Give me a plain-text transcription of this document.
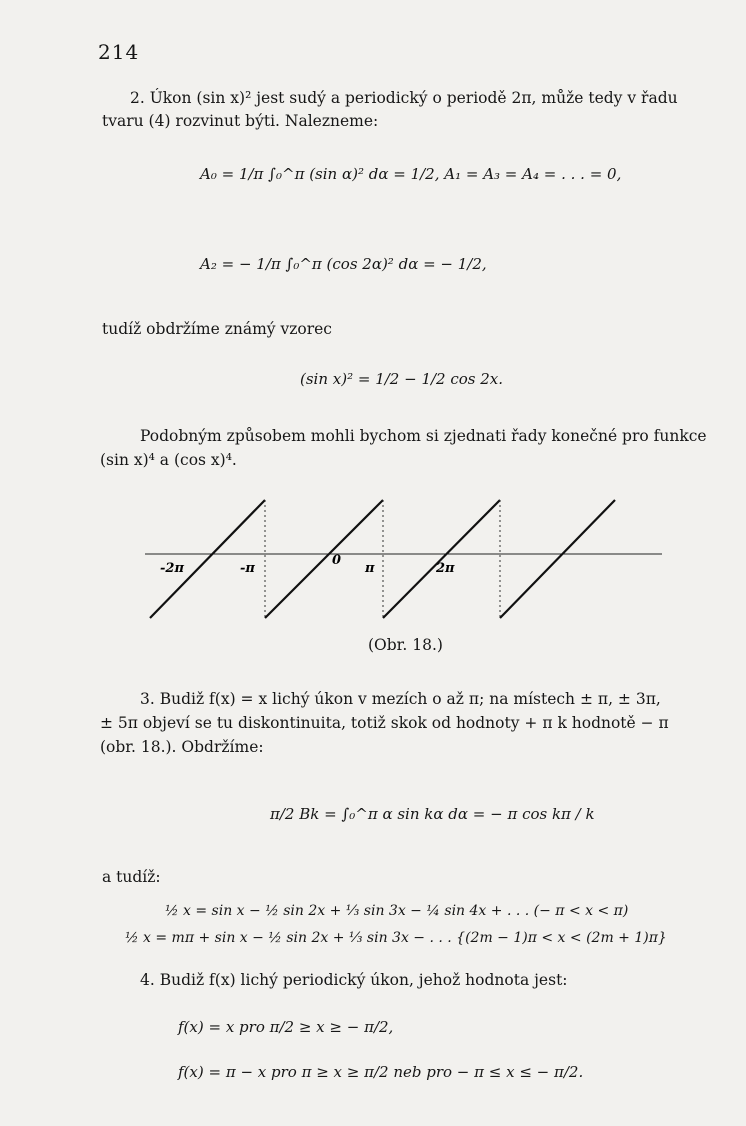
214
2. Úkon (sin x)² jest sudý a periodický o periodě 2π, může tedy v řadu
tvaru (4) rozvinut býti. Nalezneme:
A₀ = 1/π ∫₀^π (sin α)² dα = 1/2, A₁ = A₃ = A₄ = . . . = 0,
A₂ = − 1/π ∫₀^π (cos 2α)² dα = − 1/2,
tudíž obdržíme známý vzorec
(sin x)² = 1/2 − 1/2 cos 2x.
Podobným způsobem mohli bychom si zjednati řady konečné pro funkce
(sin x)⁴ a (cos x)⁴.
-2π	-π
0
π	2π
(Obr. 18.)
3. Budiž f(x) = x lichý úkon v mezích o až π; na místech ± π, ± 3π,
± 5π objeví se tu diskontinuita, totiž skok od hodnoty + π k hodnotě − π
(obr. 18.). Obdržíme:
π/2 Bk = ∫₀^π α sin kα dα = − π cos kπ / k
a tudíž:
½ x = sin x − ½ sin 2x + ⅓ sin 3x − ¼ sin 4x + . . . (− π < x < π)
½ x = mπ + sin x − ½ sin 2x + ⅓ sin 3x − . . . {(2m − 1)π < x < (2m + 1)π}
4. Budiž f(x) lichý periodický úkon, jehož hodnota jest:
f(x) = x pro π/2 ≥ x ≥ − π/2,
f(x) = π − x pro π ≥ x ≥ π/2 neb pro − π ≤ x ≤ − π/2.
